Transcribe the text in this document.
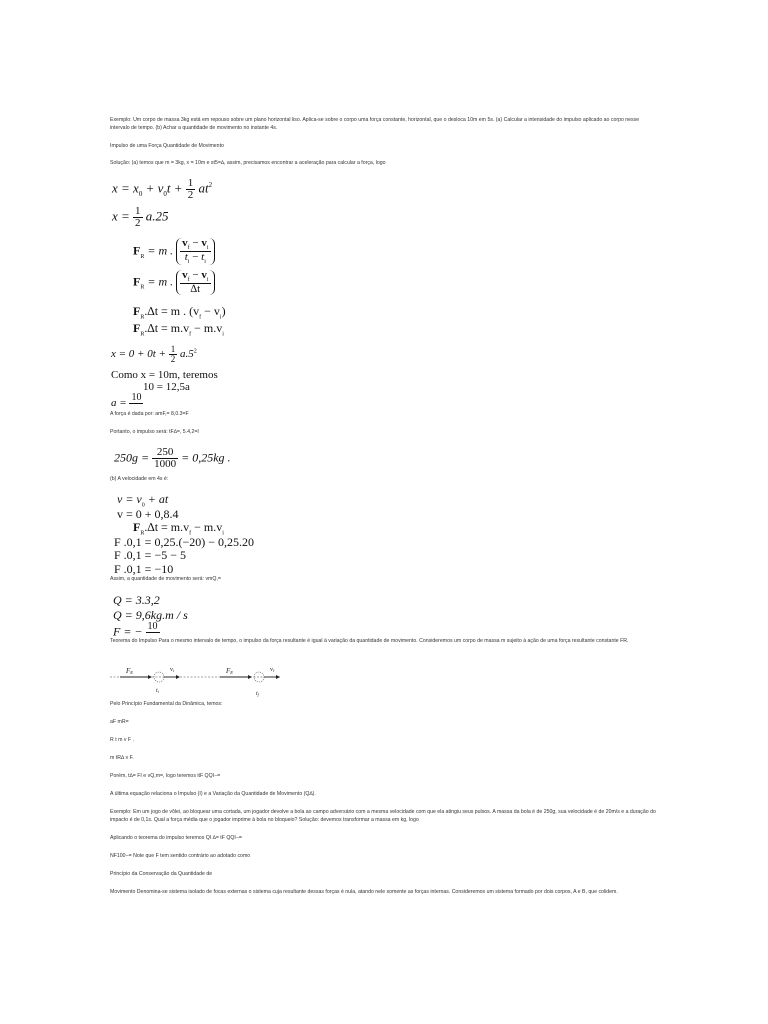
Exemplo: Um corpo de massa 3kg está em repouso sobre um plano horizontal liso. Aplica-se sobre o corpo uma força constante, horizontal, que o desloca 10m em 5s. (a) Calcular a intensidade do impulso aplicado ao corpo nesse intervalo de tempo. (b) Achar a quantidade de movimento no instante 4s.

Impulso de uma Força Quantidade de Movimento

Solução: (a) temos que m = 3kg, x = 10m e st5=∆, assim, precisamos encontrar a aceleração para calcular a força, logo

$x = x_0 + v_0t + \frac{1}{2} at^2$
$x = \frac{1}{2} a.25$
$F_R = m$ . $\frac{v_f - v_i}{t_i - t_i}$
$F_R = m$ . $\frac{v_f - v_i}{\Delta t}$
$F_R.\Delta t = m$ . $(v_f - v_i)$
$F_R.\Delta t = m.v_f - m.v_i$
$x = 0 + 0t + \frac{1}{2} a.5^2$
Como x = 10m, teremos
10 = 12,5a
a = 10

A força é dada por: amF,= 8,0.3=F

Portanto, o impulso será: tF∆=, 5.4,2=I

$250g = \frac{250}{1000} = 0,25kg$ .

(b) A velocidade em 4s é:

$v = v_0$ + at
v = 0 + 0,8.4
$F_R.\Delta t = m.v_f - m.v_i$
F .0,1 = 0,25.(−20) − 0,25.20
F .0,1 = −5 − 5
F .0,1 = −10

Assim, a quantidade de movimento será: vmQ,=

Q = 3.3,2
Q = 9,6kg.m / s
F = − 10

Teorema do Impulso Para o mesmo intervalo de tempo, o impulso da força resultante é igual à variação da quantidade de movimento. Consideremos um corpo de massa m sujeito à ação de uma força resultante constante FR.

FR	vi
ti
FR	vf
tf

Pelo Princípio Fundamental da Dinâmica, temos:

aF mR=

R t m v F .

m tR∆ v F.

Porém, t∆= FI e vQ,m=, logo teremos itF QQI−=

A última equação relaciona o Impulso (I) e a Variação da Quantidade de Movimento (Q∆).

Exemplo: Em um jogo de vôlei, ao bloquear uma cortada, um jogador devolve a bola ao campo adversário com a mesma velocidade com que ela atingiu seus pulsos. A massa da bola é de 250g, sua velocidade é de 20m/s e a duração do impacto é de 0,1s. Qual a força média que o jogador imprime à bola no bloqueio? Solução: devemos transformar a massa em kg, logo

Aplicando o teorema do impulso teremos QI ∆= tF QQI−=

NF100−= Note que F tem sentido contrário ao adotado como

Princípio da Conservação da Quantidade de

Movimento Denomina-se sistema isolado de focas externas o sistema cuja resultante dessas forças é nula, atando nele somente as forças internas. Consideremos um sistema formado por dois corpos, A e B, que colidem.
